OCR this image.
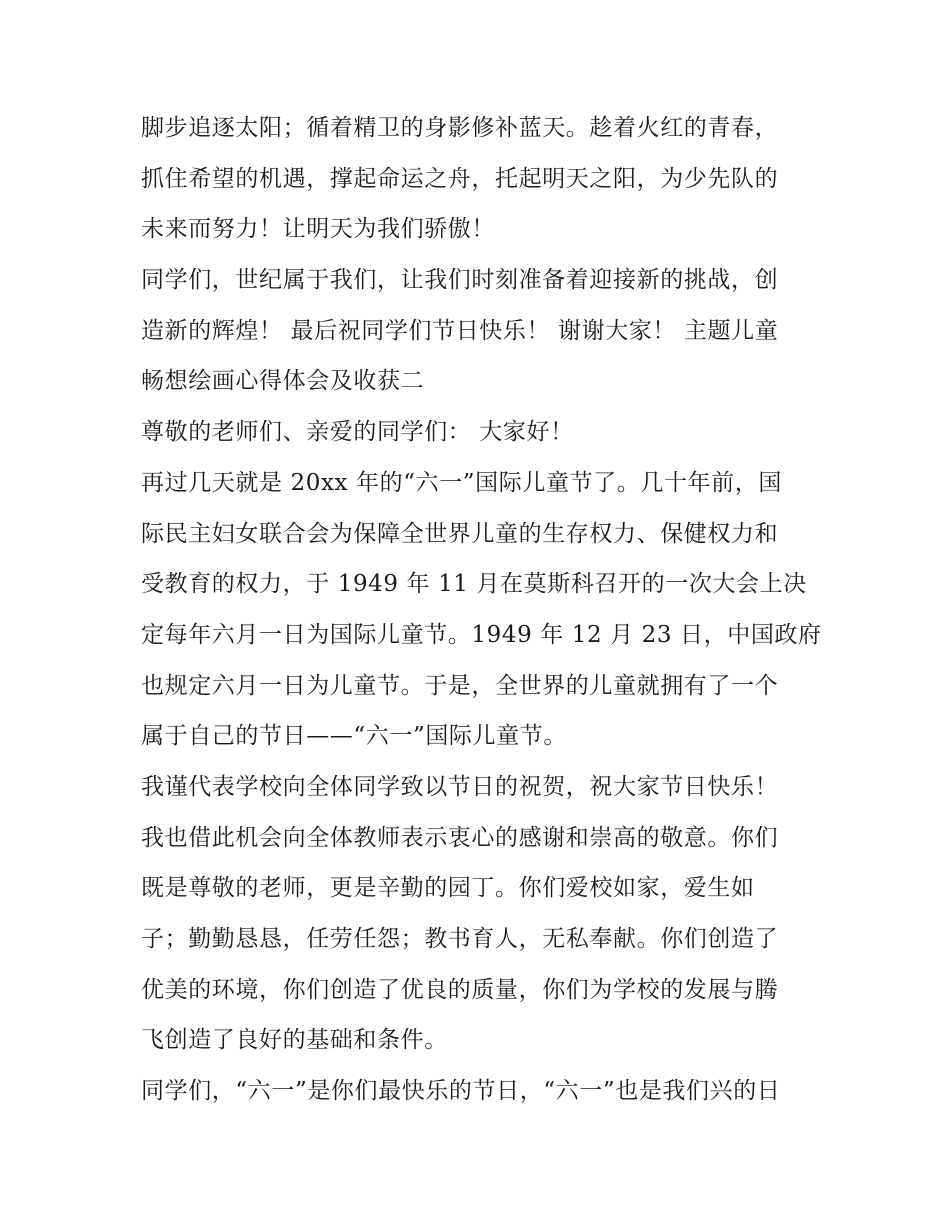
脚步追逐太阳；循着精卫的身影修补蓝天。趁着火红的青春，
抓住希望的机遇，撑起命运之舟，托起明天之阳，为少先队的
未来而努力！让明天为我们骄傲！
同学们，世纪属于我们，让我们时刻准备着迎接新的挑战，创
造新的辉煌！ 最后祝同学们节日快乐！ 谢谢大家！ 主题儿童
畅想绘画心得体会及收获二
尊敬的老师们、亲爱的同学们： 大家好！
再过几天就是 20xx 年的“六一”国际儿童节了。几十年前，国
际民主妇女联合会为保障全世界儿童的生存权力、保健权力和
受教育的权力，于 1949 年 11 月在莫斯科召开的一次大会上决
定每年六月一日为国际儿童节。1949 年 12 月 23 日，中国政府
也规定六月一日为儿童节。于是，全世界的儿童就拥有了一个
属于自己的节日——“六一”国际儿童节。
我谨代表学校向全体同学致以节日的祝贺，祝大家节日快乐！
我也借此机会向全体教师表示衷心的感谢和崇高的敬意。你们
既是尊敬的老师，更是辛勤的园丁。你们爱校如家，爱生如
子；勤勤恳恳，任劳任怨；教书育人，无私奉献。你们创造了
优美的环境，你们创造了优良的质量，你们为学校的发展与腾
飞创造了良好的基础和条件。
同学们，“六一”是你们最快乐的节日，“六一”也是我们兴的日
